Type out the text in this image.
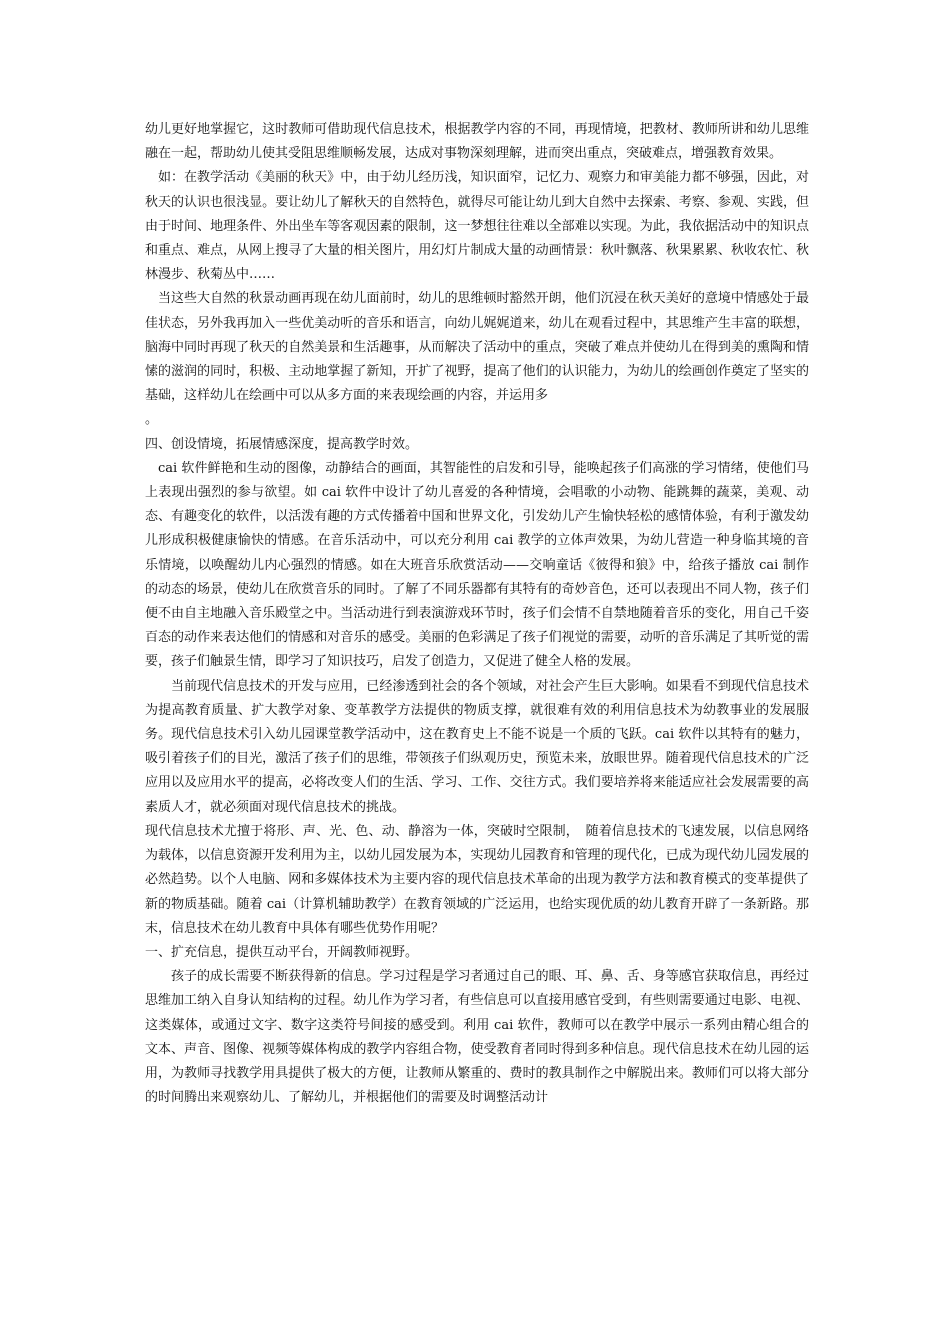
幼儿更好地掌握它，这时教师可借助现代信息技术，根据教学内容的不同，再现情境，把教材、教师所讲和幼儿思维融在一起，帮助幼儿使其受阻思维顺畅发展，达成对事物深刻理解，进而突出重点，突破难点，增强教育效果。

如：在教学活动《美丽的秋天》中，由于幼儿经历浅，知识面窄，记忆力、观察力和审美能力都不够强，因此，对秋天的认识也很浅显。要让幼儿了解秋天的自然特色，就得尽可能让幼儿到大自然中去探索、考察、参观、实践，但由于时间、地理条件、外出坐车等客观因素的限制，这一梦想往往难以全部难以实现。为此，我依据活动中的知识点和重点、难点，从网上搜寻了大量的相关图片，用幻灯片制成大量的动画情景：秋叶飘落、秋果累累、秋收农忙、秋林漫步、秋菊丛中……

当这些大自然的秋景动画再现在幼儿面前时，幼儿的思维顿时豁然开朗，他们沉浸在秋天美好的意境中情感处于最佳状态，另外我再加入一些优美动听的音乐和语言，向幼儿娓娓道来，幼儿在观看过程中，其思维产生丰富的联想，脑海中同时再现了秋天的自然美景和生活趣事，从而解决了活动中的重点，突破了难点并使幼儿在得到美的熏陶和情愫的滋润的同时，积极、主动地掌握了新知，开扩了视野，提高了他们的认识能力，为幼儿的绘画创作奠定了坚实的基础，这样幼儿在绘画中可以从多方面的来表现绘画的内容，并运用多

。

四、创设情境，拓展情感深度，提高教学时效。

cai 软件鲜艳和生动的图像，动静结合的画面，其智能性的启发和引导，能唤起孩子们高涨的学习情绪，使他们马上表现出强烈的参与欲望。如 cai 软件中设计了幼儿喜爱的各种情境，会唱歌的小动物、能跳舞的蔬菜，美观、动态、有趣变化的软件，以活泼有趣的方式传播着中国和世界文化，引发幼儿产生愉快轻松的感情体验，有利于激发幼儿形成积极健康愉快的情感。在音乐活动中，可以充分利用 cai 教学的立体声效果，为幼儿营造一种身临其境的音乐情境，以唤醒幼儿内心强烈的情感。如在大班音乐欣赏活动——交响童话《彼得和狼》中，给孩子播放 cai 制作的动态的场景，使幼儿在欣赏音乐的同时。了解了不同乐器都有其特有的奇妙音色，还可以表现出不同人物，孩子们便不由自主地融入音乐殿堂之中。当活动进行到表演游戏环节时，孩子们会情不自禁地随着音乐的变化，用自己千姿百态的动作来表达他们的情感和对音乐的感受。美丽的色彩满足了孩子们视觉的需要，动听的音乐满足了其听觉的需要，孩子们触景生情，即学习了知识技巧，启发了创造力，又促进了健全人格的发展。

当前现代信息技术的开发与应用，已经渗透到社会的各个领域，对社会产生巨大影响。如果看不到现代信息技术为提高教育质量、扩大教学对象、变革教学方法提供的物质支撑，就很难有效的利用信息技术为幼教事业的发展服务。现代信息技术引入幼儿园课堂教学活动中，这在教育史上不能不说是一个质的飞跃。cai 软件以其特有的魅力，吸引着孩子们的目光，激活了孩子们的思维，带领孩子们纵观历史，预览未来，放眼世界。随着现代信息技术的广泛应用以及应用水平的提高，必将改变人们的生活、学习、工作、交往方式。我们要培养将来能适应社会发展需要的高素质人才，就必须面对现代信息技术的挑战。

现代信息技术尤擅于将形、声、光、色、动、静溶为一体，突破时空限制，　随着信息技术的飞速发展，以信息网络为载体，以信息资源开发利用为主，以幼儿园发展为本，实现幼儿园教育和管理的现代化，已成为现代幼儿园发展的必然趋势。以个人电脑、网和多媒体技术为主要内容的现代信息技术革命的出现为教学方法和教育模式的变革提供了新的物质基础。随着 cai（计算机辅助教学）在教育领域的广泛运用，也给实现优质的幼儿教育开辟了一条新路。那末，信息技术在幼儿教育中具体有哪些优势作用呢？

一、扩充信息，提供互动平台，开阔教师视野。

孩子的成长需要不断获得新的信息。学习过程是学习者通过自己的眼、耳、鼻、舌、身等感官获取信息，再经过思维加工纳入自身认知结构的过程。幼儿作为学习者，有些信息可以直接用感官受到，有些则需要通过电影、电视、这类媒体，或通过文字、数字这类符号间接的感受到。利用 cai 软件，教师可以在教学中展示一系列由精心组合的文本、声音、图像、视频等媒体构成的教学内容组合物，使受教育者同时得到多种信息。现代信息技术在幼儿园的运用，为教师寻找教学用具提供了极大的方便，让教师从繁重的、费时的教具制作之中解脱出来。教师们可以将大部分的时间腾出来观察幼儿、了解幼儿，并根据他们的需要及时调整活动计
